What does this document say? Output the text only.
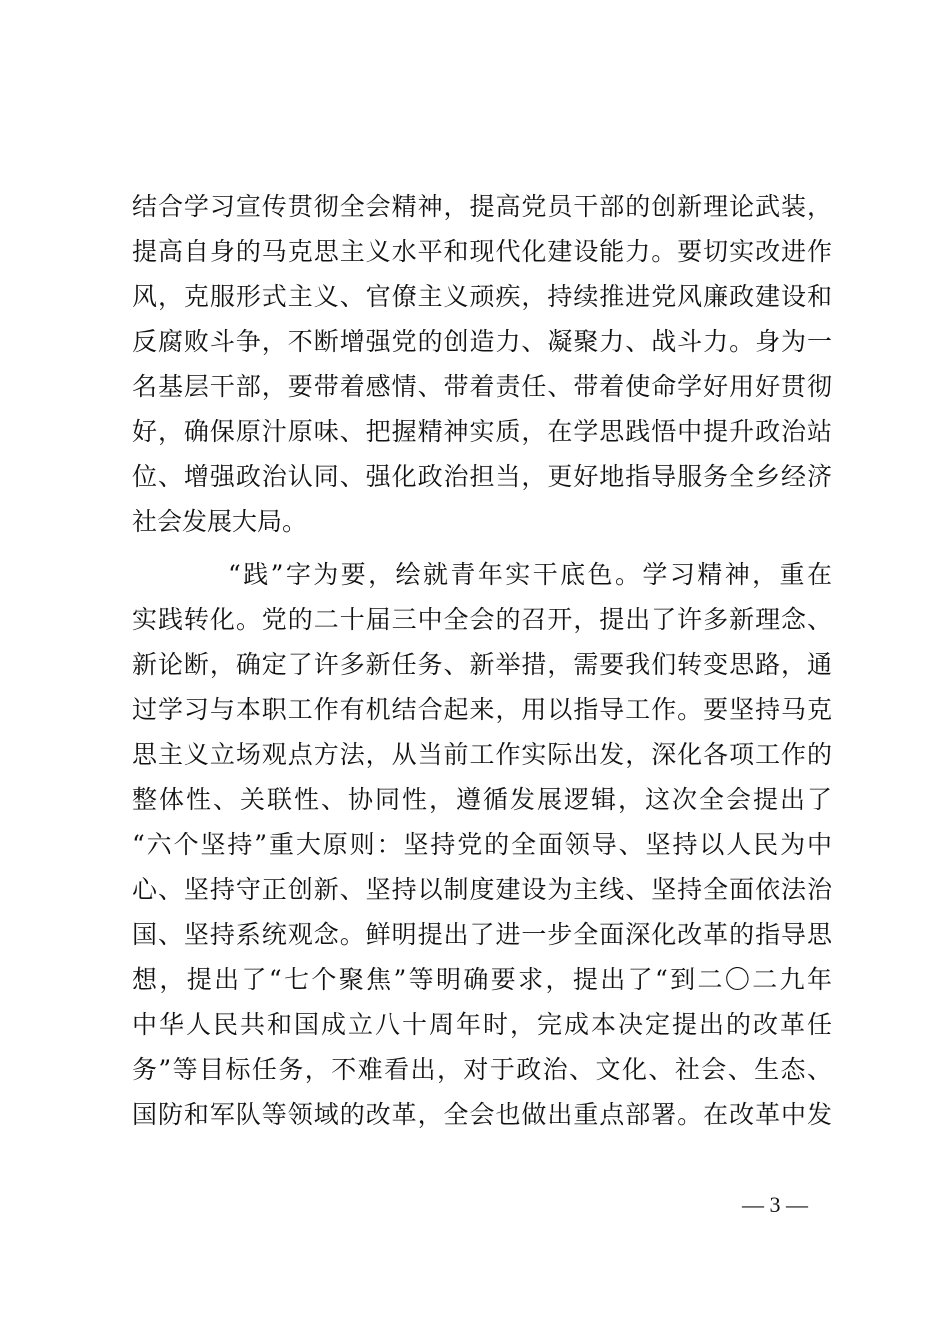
结合学习宣传贯彻全会精神，提高党员干部的创新理论武装，
提高自身的马克思主义水平和现代化建设能力。要切实改进作
风，克服形式主义、官僚主义顽疾，持续推进党风廉政建设和
反腐败斗争，不断增强党的创造力、凝聚力、战斗力。身为一
名基层干部，要带着感情、带着责任、带着使命学好用好贯彻
好，确保原汁原味、把握精神实质，在学思践悟中提升政治站
位、增强政治认同、强化政治担当，更好地指导服务全乡经济
社会发展大局。
“践”字为要，绘就青年实干底色。学习精神，重在
实践转化。党的二十届三中全会的召开，提出了许多新理念、
新论断，确定了许多新任务、新举措，需要我们转变思路，通
过学习与本职工作有机结合起来，用以指导工作。要坚持马克
思主义立场观点方法，从当前工作实际出发，深化各项工作的
整体性、关联性、协同性，遵循发展逻辑，这次全会提出了
“六个坚持”重大原则：坚持党的全面领导、坚持以人民为中
心、坚持守正创新、坚持以制度建设为主线、坚持全面依法治
国、坚持系统观念。鲜明提出了进一步全面深化改革的指导思
想，提出了“七个聚焦”等明确要求，提出了“到二〇二九年
中华人民共和国成立八十周年时，完成本决定提出的改革任
务”等目标任务，不难看出，对于政治、文化、社会、生态、
国防和军队等领域的改革，全会也做出重点部署。在改革中发
— 3 —
